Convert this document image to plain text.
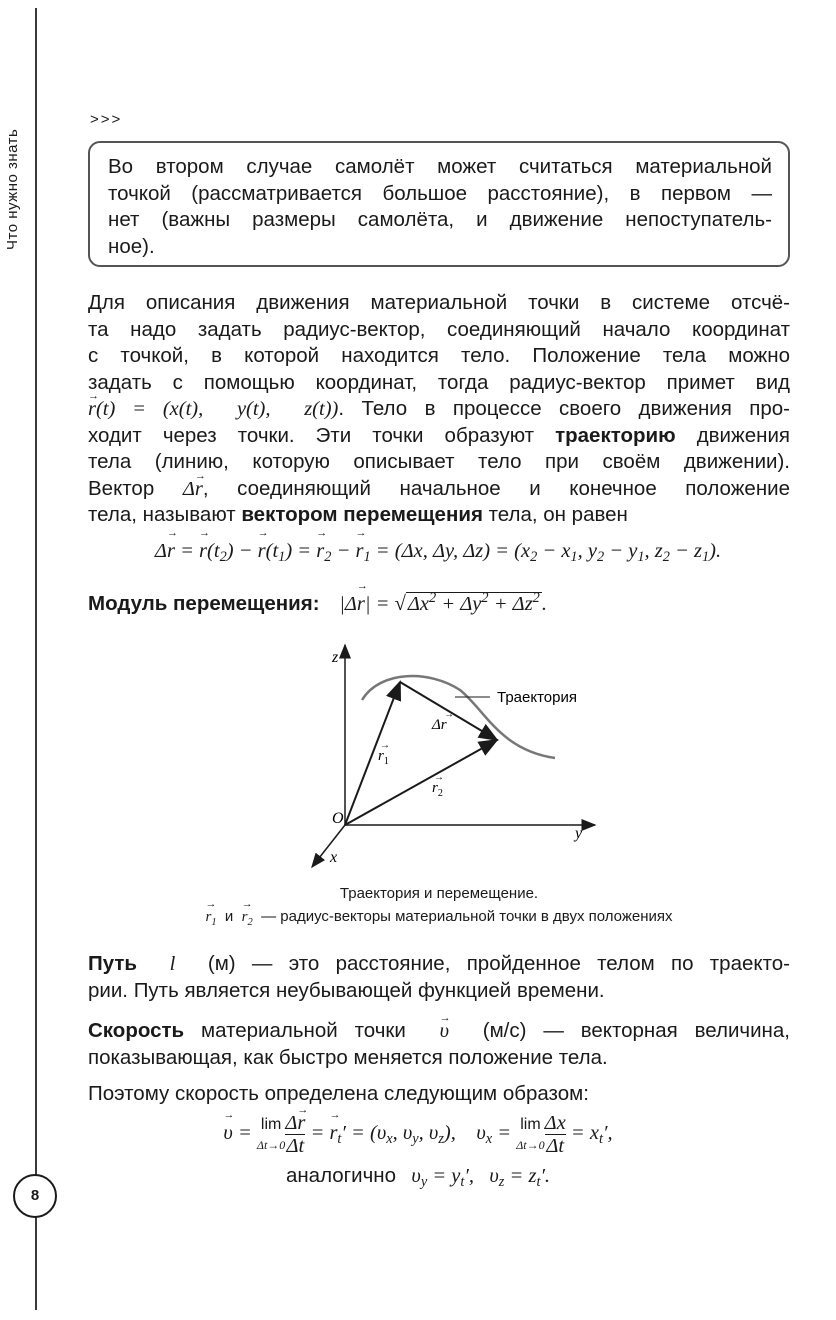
Что нужно знать
8
>>>

Во втором случае самолёт может считаться материальной
точкой (рассматривается большое расстояние), в первом —
нет (важны размеры самолёта, и движение непоступатель-
ное).

Для описания движения материальной точки в системе отсчё-
та надо задать радиус-вектор, соединяющий начало координат
с точкой, в которой находится тело. Положение тела можно
задать с помощью координат, тогда радиус-вектор примет вид
r →(t) = (x(t),  y(t),  z(t)). Тело в процессе своего движения про-
ходит через точки. Эти точки образуют траекторию движения
тела (линию, которую описывает тело при своём движении).
Вектор Δr →, соединяющий начальное и конечное положение
тела, называют вектором перемещения тела, он равен
Δr → = $r \to(t_2) - r \to(t_1) = r \to_2 - r \to_1 = (\Delta x$, Δy, $\Delta z) = (x_2 - x_1$, $y_2 - y_1$, $z_2 - z_1$).
Модуль перемещения: |Δr →| = $√\Delta x^2 + \Delta y^2 + \Delta z^2$.
z
y
x
O
Траектория
$r_1$
→
$r_2$
→
Δr
→
Траектория и перемещение.
$r \to_1$ и $r \to_2$ — радиус-векторы материальной точки в двух положениях
Путь l (м) — это расстояние, пройденное телом по траекто-
рии. Путь является неубывающей функцией времени.
Скорость материальной точки υ → (м/с) — векторная величина,
показывающая, как быстро меняется положение тела.
Поэтому скорость определена следующим образом:
υ → = lim
$\Delta t\to 0 \frac{\Delta r \to}{\Delta t} = r \to_t' = (\upsilon_x$, $\upsilon_y$, $\upsilon_z$),    $\upsilon_x = \lim$
$\Delta t\to 0 \frac{\Delta x}{\Delta t} = x_t'$,
аналогично $\upsilon_y = y_t'$,   $\upsilon_z = z_t'$.
